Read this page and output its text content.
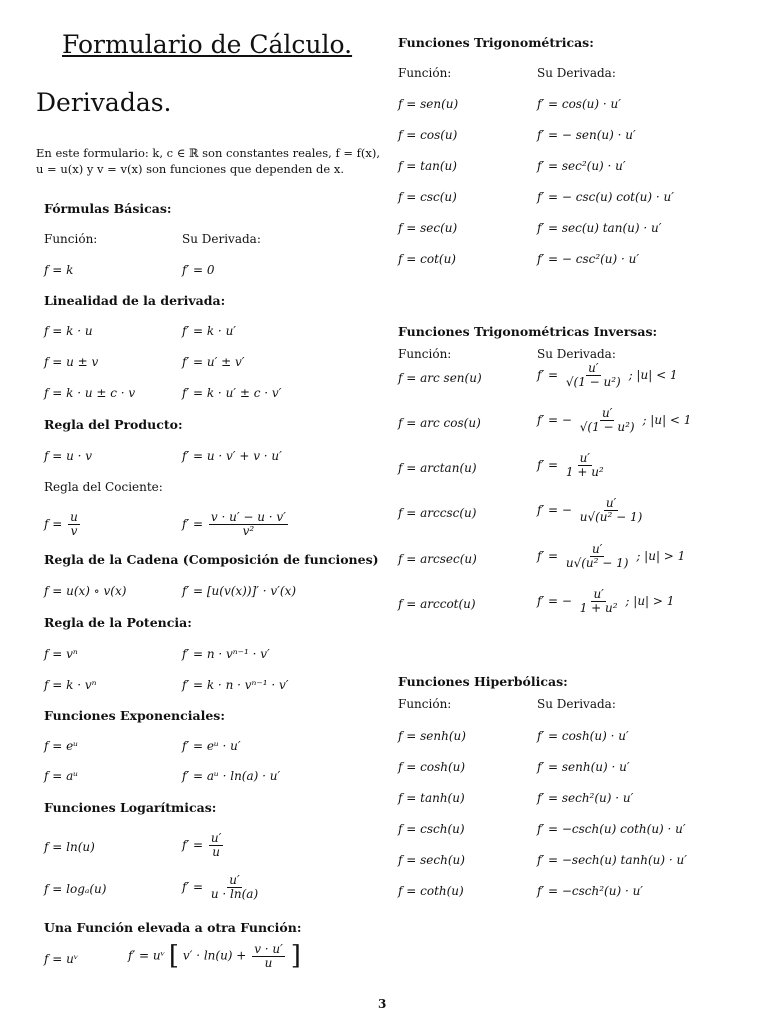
Formulario de Cálculo.
Derivadas.
En este formulario: k, c ∈ ℝ son constantes reales, f = f(x), u = u(x) y v = v(x) son funciones que dependen de x.
Fórmulas Básicas:
Función:	Su Derivada:
f = k	f′ = 0
Linealidad de la derivada:
f = k · u	f′ = k · u′
f = u ± v	f′ = u′ ± v′
f = k · u ± c · v	f′ = k · u′ ± c · v′
Regla del Producto:
f = u · v	f′ = u · v′ + v · u′
Regla del Cociente:
$f = \frac{u}{v}$	$f' = \frac{v \cdot u' - u \cdot v'}{\text{v²}}$
Regla de la Cadena (Composición de funciones)
f = u(x) ∘ v(x)	f′ = [u(v(x))]′ · v′(x)
Regla de la Potencia:
f = vⁿ	f′ = n · vⁿ⁻¹ · v′
f = k · vⁿ	f′ = k · n · vⁿ⁻¹ · v′
Funciones Exponenciales:
f = eᵘ	f′ = eᵘ · u′
f = aᵘ	f′ = aᵘ · ln(a) · u′
Funciones Logarítmicas:
f = ln(u)	$f' = \frac{u'}{u}$
f = logₐ(u)	$f' = \frac{u'}{u \cdot \ln(a)}$
Una Función elevada a otra Función:
f = uᵛ	f′ = uᵛ [ $v' \cdot \ln(u) + \frac{v \cdot u'}{u}$ ]
Funciones Trigonométricas:
Función:	Su Derivada:
f = sen(u)	f′ = cos(u) · u′
f = cos(u)	f′ = − sen(u) · u′
f = tan(u)	f′ = sec²(u) · u′
f = csc(u)	f′ = − csc(u) cot(u) · u′
f = sec(u)	f′ = sec(u) tan(u) · u′
f = cot(u)	f′ = − csc²(u) · u′
Funciones Trigonométricas Inversas:
Función:	Su Derivada:
f = arc sen(u)	$f' = \frac{u'}{\text{√(1 − u²)}}$ ; |u| < 1
f = arc cos(u)	f′ = − $\frac{u'}{\text{√(1 − u²)}}$ ; |u| < 1
f = arctan(u)	$f' = \frac{u'}{\text{1 + u²}}$
f = arccsc(u)	f′ = − $\frac{u'}{\text{u√(u² − 1)}}$
f = arcsec(u)	$f' = \frac{u'}{\text{u√(u² − 1)}}$ ; |u| > 1
f = arccot(u)	f′ = − $\frac{u'}{\text{1 + u²}}$ ; |u| > 1
Funciones Hiperbólicas:
Función:	Su Derivada:
f = senh(u)	f′ = cosh(u) · u′
f = cosh(u)	f′ = senh(u) · u′
f = tanh(u)	f′ = sech²(u) · u′
f = csch(u)	f′ = −csch(u) coth(u) · u′
f = sech(u)	f′ = −sech(u) tanh(u) · u′
f = coth(u)	f′ = −csch²(u) · u′
3
